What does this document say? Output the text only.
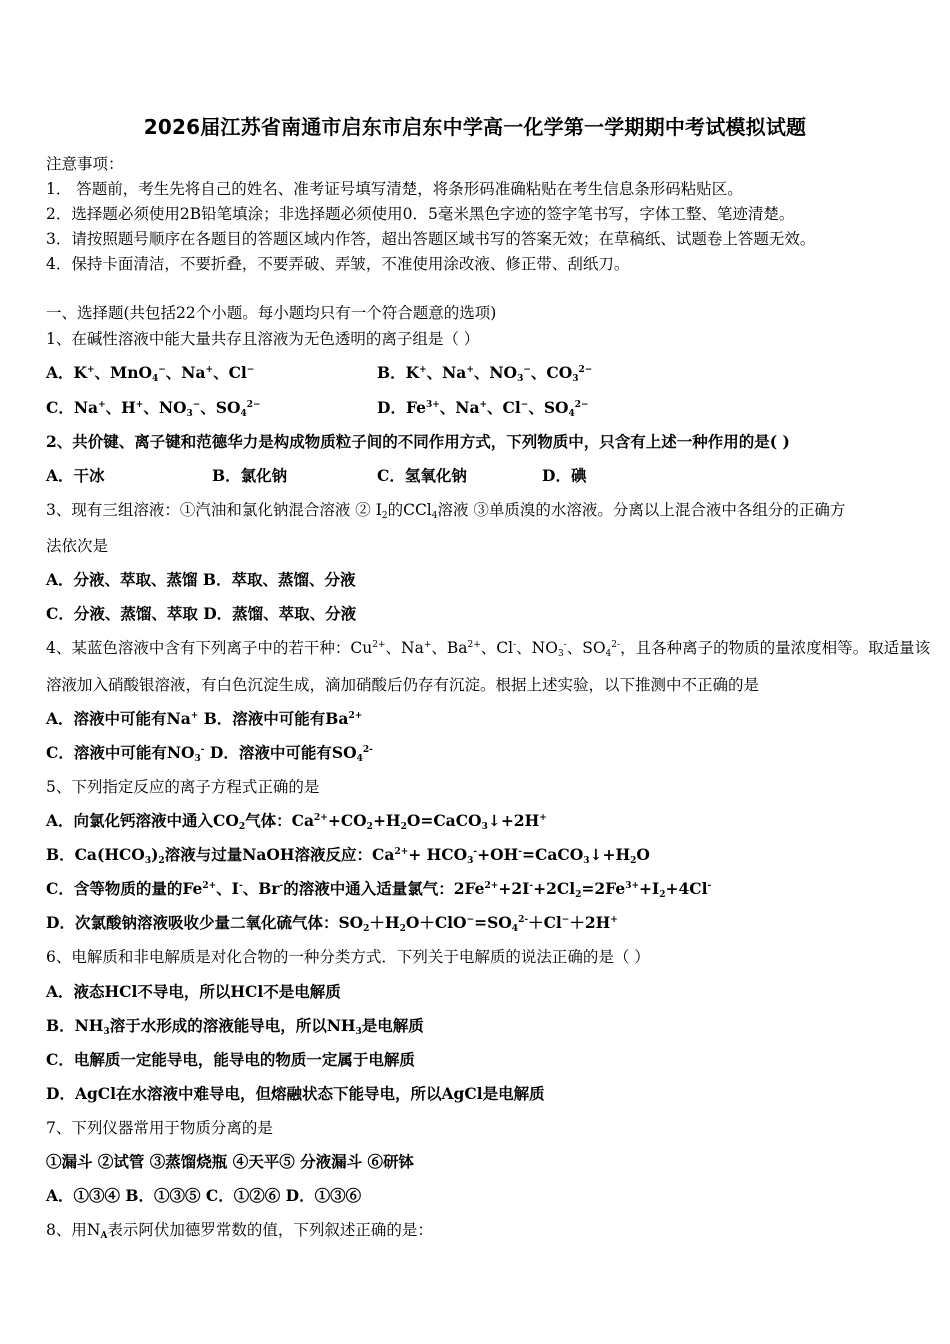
2026届江苏省南通市启东市启东中学高一化学第一学期期中考试模拟试题
注意事项：
1． 答题前，考生先将自己的姓名、准考证号填写清楚，将条形码准确粘贴在考生信息条形码粘贴区。
2．选择题必须使用2B铅笔填涂；非选择题必须使用0．5毫米黑色字迹的签字笔书写，字体工整、笔迹清楚。
3．请按照题号顺序在各题目的答题区域内作答，超出答题区域书写的答案无效；在草稿纸、试题卷上答题无效。
4．保持卡面清洁，不要折叠，不要弄破、弄皱，不准使用涂改液、修正带、刮纸刀。
一、选择题(共包括22个小题。每小题均只有一个符合题意的选项)
1、在碱性溶液中能大量共存且溶液为无色透明的离子组是（ ）
A．K+、MnO$_4$−、Na+、Cl−	B．K+、Na+、$NO_3^-$、$CO_3^{2-}$
C．Na+、H+、$NO_3^-$、$SO_4^{2-}$	D．$Fe^{3+}$、Na+、Cl−、$SO_4^{2-}$
2、共价键、离子键和范德华力是构成物质粒子间的不同作用方式，下列物质中，只含有上述一种作用的是( )
A．干冰	B．氯化钠	C．氢氧化钠	D．碘
3、现有三组溶液：①汽油和氯化钠混合溶液 ② $I_2$的CCl$_4$溶液 ③单质溴的水溶液。分离以上混合液中各组分的正确方
法依次是
A．分液、萃取、蒸馏 B．萃取、蒸馏、分液
C．分液、蒸馏、萃取 D．蒸馏、萃取、分液
4、某蓝色溶液中含有下列离子中的若干种：$Cu^{2+}$、Na+、$Ba^{2+}$、Cl-、$NO_3^-$、$SO_4^{2-}$，且各种离子的物质的量浓度相等。取适量该
溶液加入硝酸银溶液，有白色沉淀生成，滴加硝酸后仍存有沉淀。根据上述实验，以下推测中不正确的是
A．溶液中可能有Na+ B．溶液中可能有$Ba^{2+}$
C．溶液中可能有$NO_3^-$ D．溶液中可能有$SO_4^{2-}$
5、下列指定反应的离子方程式正确的是
A．向氯化钙溶液中通入$CO_2$气体：$Ca^{2+}+CO_2+H_2O=CaCO_3↓+2H^+$
B．$Ca(HCO_3)_2$溶液与过量NaOH溶液反应：$Ca^{2+}+$ $HCO_3^-+OH^-=CaCO_3↓+H_2O$
C．含等物质的量的$Fe^{2+}$、I-、Br-的溶液中通入适量氯气：$2Fe^{2+}+2I^-+2Cl_2=2Fe^{3+}+I_2+4Cl^-$
D．次氯酸钠溶液吸收少量二氧化硫气体：$SO_2+H_2O+ClO^-=SO_4^{2-}+Cl^-+2H^+$
6、电解质和非电解质是对化合物的一种分类方式．下列关于电解质的说法正确的是（ ）
A．液态HCl不导电，所以HCl不是电解质
B．$NH_3$溶于水形成的溶液能导电，所以$NH_3$是电解质
C．电解质一定能导电，能导电的物质一定属于电解质
D．AgCl在水溶液中难导电，但熔融状态下能导电，所以AgCl是电解质
7、下列仪器常用于物质分离的是
①漏斗 ②试管 ③蒸馏烧瓶 ④天平⑤ 分液漏斗 ⑥研钵
A．①③④ B．①③⑤ C．①②⑥ D．①③⑥
8、用$N_A$表示阿伏加德罗常数的值，下列叙述正确的是：
